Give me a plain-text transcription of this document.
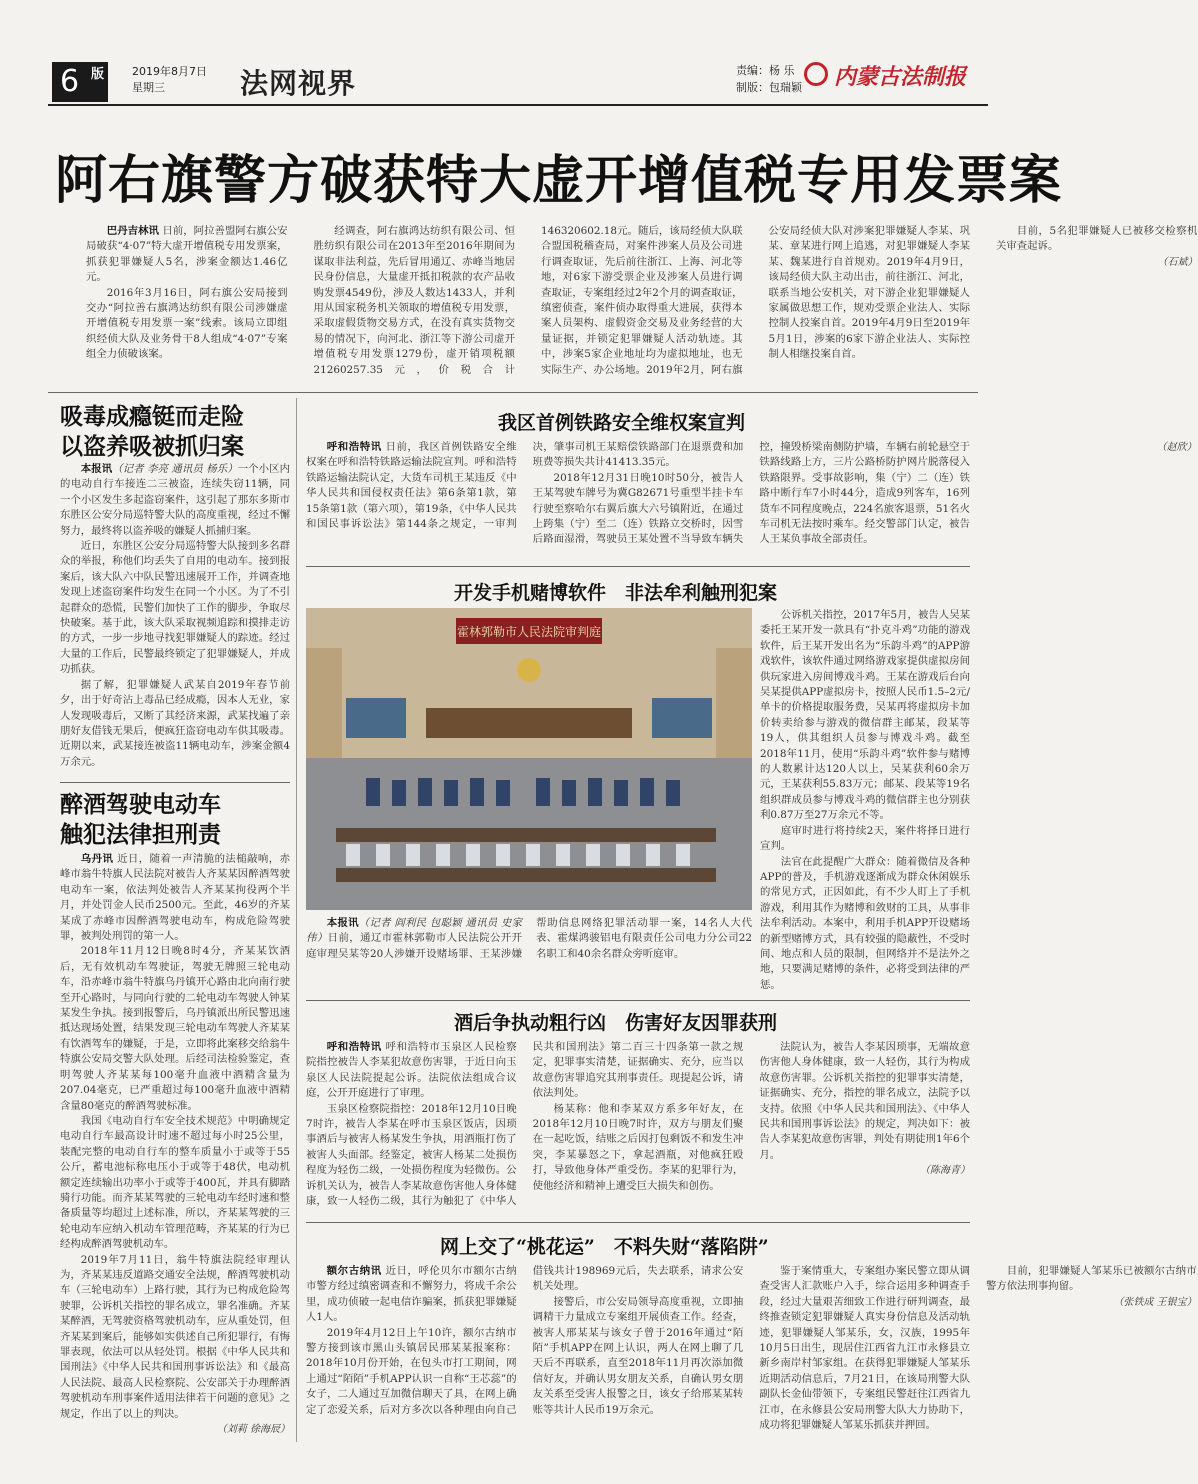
6 版	2019年8月7日
星期三	法网视界	责编：杨 乐
制版：包瑞颖 内蒙古法制报
阿右旗警方破获特大虚开增值税专用发票案

巴丹吉林讯 日前，阿拉善盟阿右旗公安局破获“4·07”特大虚开增值税专用发票案，抓获犯罪嫌疑人5名，涉案金额达1.46亿元。

2016年3月16日，阿右旗公安局接到交办“阿拉善右旗鸿达纺织有限公司涉嫌虚开增值税专用发票一案”线索。该局立即组织经侦大队及业务骨干8人组成“4·07”专案组全力侦破该案。

经调查，阿右旗鸿达纺织有限公司、恒胜纺织有限公司在2013年至2016年期间为谋取非法利益，先后冒用通辽、赤峰当地居民身份信息，大量虚开抵扣税款的农产品收购发票4549份，涉及人数达1433人，并利用从国家税务机关领取的增值税专用发票，采取虚假货物交易方式，在没有真实货物交易的情况下，向河北、浙江等下游公司虚开增值税专用发票1279份，虚开销项税额21260257.35元，价税合计146320602.18元。随后，该局经侦大队联合盟国税稽查局，对案件涉案人员及公司进行调查取证，先后前往浙江、上海、河北等地，对6家下游受票企业及涉案人员进行调查取证，专案组经过2年2个月的调查取证，缜密侦查，案件侦办取得重大进展，获得本案人员架构、虚假资金交易及业务经营的大量证据，并锁定犯罪嫌疑人活动轨迹。其中，涉案5家企业地址均为虚拟地址，也无实际生产、办公场地。2019年2月，阿右旗公安局经侦大队对涉案犯罪嫌疑人李某、巩某、章某进行网上追逃，对犯罪嫌疑人李某某、魏某进行自首规劝。2019年4月9日，该局经侦大队主动出击，前往浙江、河北，联系当地公安机关，对下游企业犯罪嫌疑人家属做思想工作，规劝受票企业法人、实际控制人投案自首。2019年4月9日至2019年5月1日，涉案的6家下游企业法人、实际控制人相继投案自首。

目前，5名犯罪嫌疑人已被移交检察机关审查起诉。

（石斌）
吸毒成瘾铤而走险
以盗养吸被抓归案

本报讯（记者 李亮 通讯员 杨乐）一个小区内的电动自行车接连二三被盗，连续失窃11辆，同一个小区发生多起盗窃案件，这引起了那东多斯市东胜区公安分局巡特警大队的高度重视，经过不懈努力，最终将以盗养吸的嫌疑人抓捕归案。

近日，东胜区公安分局巡特警大队接到多名群众的举报，称他们均丢失了自用的电动车。接到报案后，该大队六中队民警迅速展开工作，并调查地发现上述盗窃案件均发生在同一个小区。为了不引起群众的恐慌，民警们加快了工作的脚步，争取尽快破案。基于此，该大队采取视频追踪和摸排走访的方式，一步一步地寻找犯罪嫌疑人的踪迹。经过大量的工作后，民警最终锁定了犯罪嫌疑人，并成功抓获。

据了解，犯罪嫌疑人武某自2019年春节前夕，出于好奇沾上毒品已经成瘾，因本人无业，家人发现吸毒后，又断了其经济来源，武某找遍了亲朋好友借钱无果后，便疯狂盗窃电动车供其吸毒。近期以来，武某接连被盗11辆电动车，涉案金额4万余元。

醉酒驾驶电动车
触犯法律担刑责

乌丹讯 近日，随着一声清脆的法槌敲响，赤峰市翁牛特旗人民法院对被告人齐某某因醉酒驾驶电动车一案，依法判处被告人齐某某拘役两个半月，并处罚金人民币2500元。至此，46岁的齐某某成了赤峰市因醉酒驾驶电动车，构成危险驾驶罪，被判处刑罚的第一人。

2018年11月12日晚8时4分，齐某某饮酒后，无有效机动车驾驶证，驾驶无牌照三轮电动车，沿赤峰市翁牛特旗乌丹镇开心路由北向南行驶至开心路时，与同向行驶的二轮电动车驾驶人钟某某发生争执。接到报警后，乌丹镇派出所民警迅速抵达现场处置，结果发现三轮电动车驾驶人齐某某有饮酒驾车的嫌疑，于是，立即将此案移交给翁牛特旗公安局交警大队处理。后经司法检验鉴定，查明驾驶人齐某某每100毫升血液中酒精含量为207.04毫克，已严重超过每100毫升血液中酒精含量80毫克的醉酒驾驶标准。

我国《电动自行车安全技术规范》中明确规定电动自行车最高设计时速不超过每小时25公里，装配完整的电动自行车的整车质量小于或等于55公斤，蓄电池标称电压小于或等于48伏，电动机额定连续输出功率小于或等于400瓦，并具有脚踏骑行功能。而齐某某驾驶的三轮电动车经时速和整备质量等均超过上述标准，所以，齐某某驾驶的三轮电动车应纳入机动车管理范畴，齐某某的行为已经构成醉酒驾驶机动车。

2019年7月11日，翁牛特旗法院经审理认为，齐某某违反道路交通安全法规，醉酒驾驶机动车（三轮电动车）上路行驶，其行为已构成危险驾驶罪，公诉机关指控的罪名成立，罪名准确。齐某某醉酒，无驾驶资格驾驶机动车，应从重处罚，但齐某某到案后，能够如实供述自己所犯罪行，有悔罪表现，依法可以从轻处罚。根据《中华人民共和国刑法》《中华人民共和国刑事诉讼法》和《最高人民法院、最高人民检察院、公安部关于办理醉酒驾驶机动车刑事案件适用法律若干问题的意见》之规定，作出了以上的判决。

（刘莉 徐海辰）
我区首例铁路安全维权案宣判

呼和浩特讯 日前，我区首例铁路安全维权案在呼和浩特铁路运输法院宣判。呼和浩特铁路运输法院认定，大货车司机王某违反《中华人民共和国侵权责任法》第6条第1款，第15条第1款（第六项），第19条，《中华人民共和国民事诉讼法》第144条之规定，一审判决，肇事司机王某赔偿铁路部门在退票费和加班费等损失共计41413.35元。

2018年12月31日晚10时50分，被告人王某驾驶车牌号为冀G82671号重型半挂卡车行驶至察哈尔右翼后旗大六号镇附近，在通过上跨集（宁）至二（连）铁路立交桥时，因雪后路面湿滑，驾驶员王某处置不当导致车辆失控，撞毁桥梁南侧防护墙，车辆右前轮悬空于铁路线路上方，三片公路桥防护网片脱落侵入铁路限界。受事故影响，集（宁）二（连）铁路中断行车7小时44分，造成9列客车，16列货车不同程度晚点，224名旅客退票，51名火车司机无法按时乘车。经交警部门认定，被告人王某负事故全部责任。

（赵欣）
开发手机赌博软件　非法牟利触刑犯案
霍林郭勒市人民法院审判庭

本报讯（记者 阎利民 包聪颖 通讯员 史家伟）日前，通辽市霍林郭勒市人民法院公开开庭审理吴某等20人涉嫌开设赌场罪、王某涉嫌帮助信息网络犯罪活动罪一案，14名人大代表、霍煤鸿骏铝电有限责任公司电力分公司22名职工和40余名群众旁听庭审。

公诉机关指控，2017年5月，被告人吴某委托王某开发一款具有“扑克斗鸡”功能的游戏软件，后王某开发出名为“乐韵斗鸡”的APP游戏软件，该软件通过网络游戏家提供虚拟房间供玩家进入房间博戏斗鸡。王某在游戏后台向吴某提供APP虚拟房卡，按照人民币1.5–2元/单卡的价格提取服务费，吴某再将虚拟房卡加价转卖给参与游戏的微信群主邮某，段某等19人，供其组织人员参与博戏斗鸡。截至2018年11月，使用“乐韵斗鸡”软件参与赌博的人数累计达120人以上，吴某获利60余万元，王某获利55.83万元；邮某、段某等19名组织群成员参与博戏斗鸡的微信群主也分别获利0.87万至27万余元不等。

庭审时进行将持续2天，案件将择日进行宣判。

法官在此提醒广大群众：随着微信及各种APP的普及，手机游戏逐渐成为群众休闲娱乐的常见方式，正因如此，有不少人盯上了手机游戏，利用其作为赌博和敛财的工具，从事非法牟利活动。本案中，利用手机APP开设赌场的新型赌博方式，具有较强的隐蔽性，不受时间、地点和人员的限制，但网络并不是法外之地，只要满足赌博的条件，必将受到法律的严惩。

酒后争执动粗行凶　伤害好友因罪获刑

呼和浩特讯 呼和浩特市玉泉区人民检察院指控被告人李某犯故意伤害罪，于近日向玉泉区人民法院提起公诉。法院依法组成合议庭，公开开庭进行了审理。

玉泉区检察院指控：2018年12月10日晚7时许，被告人李某在呼市玉泉区饭店，因琐事酒后与被害人杨某发生争执，用酒瓶打伤了被害人头面部。经鉴定，被害人杨某二处损伤程度为轻伤二级，一处损伤程度为轻微伤。公诉机关认为，被告人李某故意伤害他人身体健康，致一人轻伤二级，其行为触犯了《中华人民共和国刑法》第二百三十四条第一款之规定，犯罪事实清楚，证据确实、充分，应当以故意伤害罪追究其刑事责任。现提起公诉，请依法判处。

杨某称：他和李某双方系多年好友，在2018年12月10日晚7时许，双方与朋友们聚在一起吃饭，结账之后因打包剩饭不和发生冲突，李某暴怒之下，拿起酒瓶，对他疯狂殴打，导致他身体严重受伤。李某的犯罪行为，使他经济和精神上遭受巨大损失和创伤。

法院认为，被告人李某因琐事，无端故意伤害他人身体健康，致一人轻伤，其行为构成故意伤害罪。公诉机关指控的犯罪事实清楚，证据确实、充分，指控的罪名成立，法院予以支持。依照《中华人民共和国刑法》、《中华人民共和国刑事诉讼法》的规定，判决如下：被告人李某犯故意伤害罪，判处有期徒刑1年6个月。

（陈海青）
网上交了“桃花运”　不料失财“落陷阱”

额尔古纳讯 近日，呼伦贝尔市额尔古纳市警方经过缜密调查和不懈努力，将成千余公里，成功侦破一起电信诈骗案，抓获犯罪嫌疑人1人。

2019年4月12日上午10许，额尔古纳市警方接到该市黑山头镇居民邢某某报案称：2018年10月份开始，在包头市打工期间，网上通过“陌陌”手机APP认识一自称“王芯蕊”的女子，二人通过互加微信聊天了具，在网上确定了恋爱关系，后对方多次以各种理由向自己借钱共计198969元后，失去联系，请求公安机关处理。

接警后，市公安局领导高度重视，立即抽调精干力量成立专案组开展侦查工作。经查，被害人邢某某与该女子曾于2016年通过“陌陌”手机APP在网上认识，两人在网上聊了几天后不再联系，直至2018年11月再次添加微信好友，并确认男女朋友关系，自确认男女朋友关系至受害人报警之日，该女子给邢某某转账等共计人民币19万余元。

鉴于案情重大，专案组办案民警立即从调查受害人汇款账户入手，综合运用多种调查手段，经过大量艰苦细致工作进行研判调查，最终推查锁定犯罪嫌疑人真实身份信息及活动轨迹，犯罪嫌疑人邹某乐，女，汉族，1995年10月5日出生，现居住江西省九江市永修县立新乡南岸村邹家组。在获得犯罪嫌疑人邹某乐近期活动信息后，7月21日，在该局刑警大队副队长金仙带领下，专案组民警赶往江西省九江市，在永修县公安局刑警大队大力协助下，成功将犯罪嫌疑人邹某乐抓获并押回。

目前，犯罪嫌疑人邹某乐已被额尔古纳市警方依法刑事拘留。

（张铁成 王银宝）
